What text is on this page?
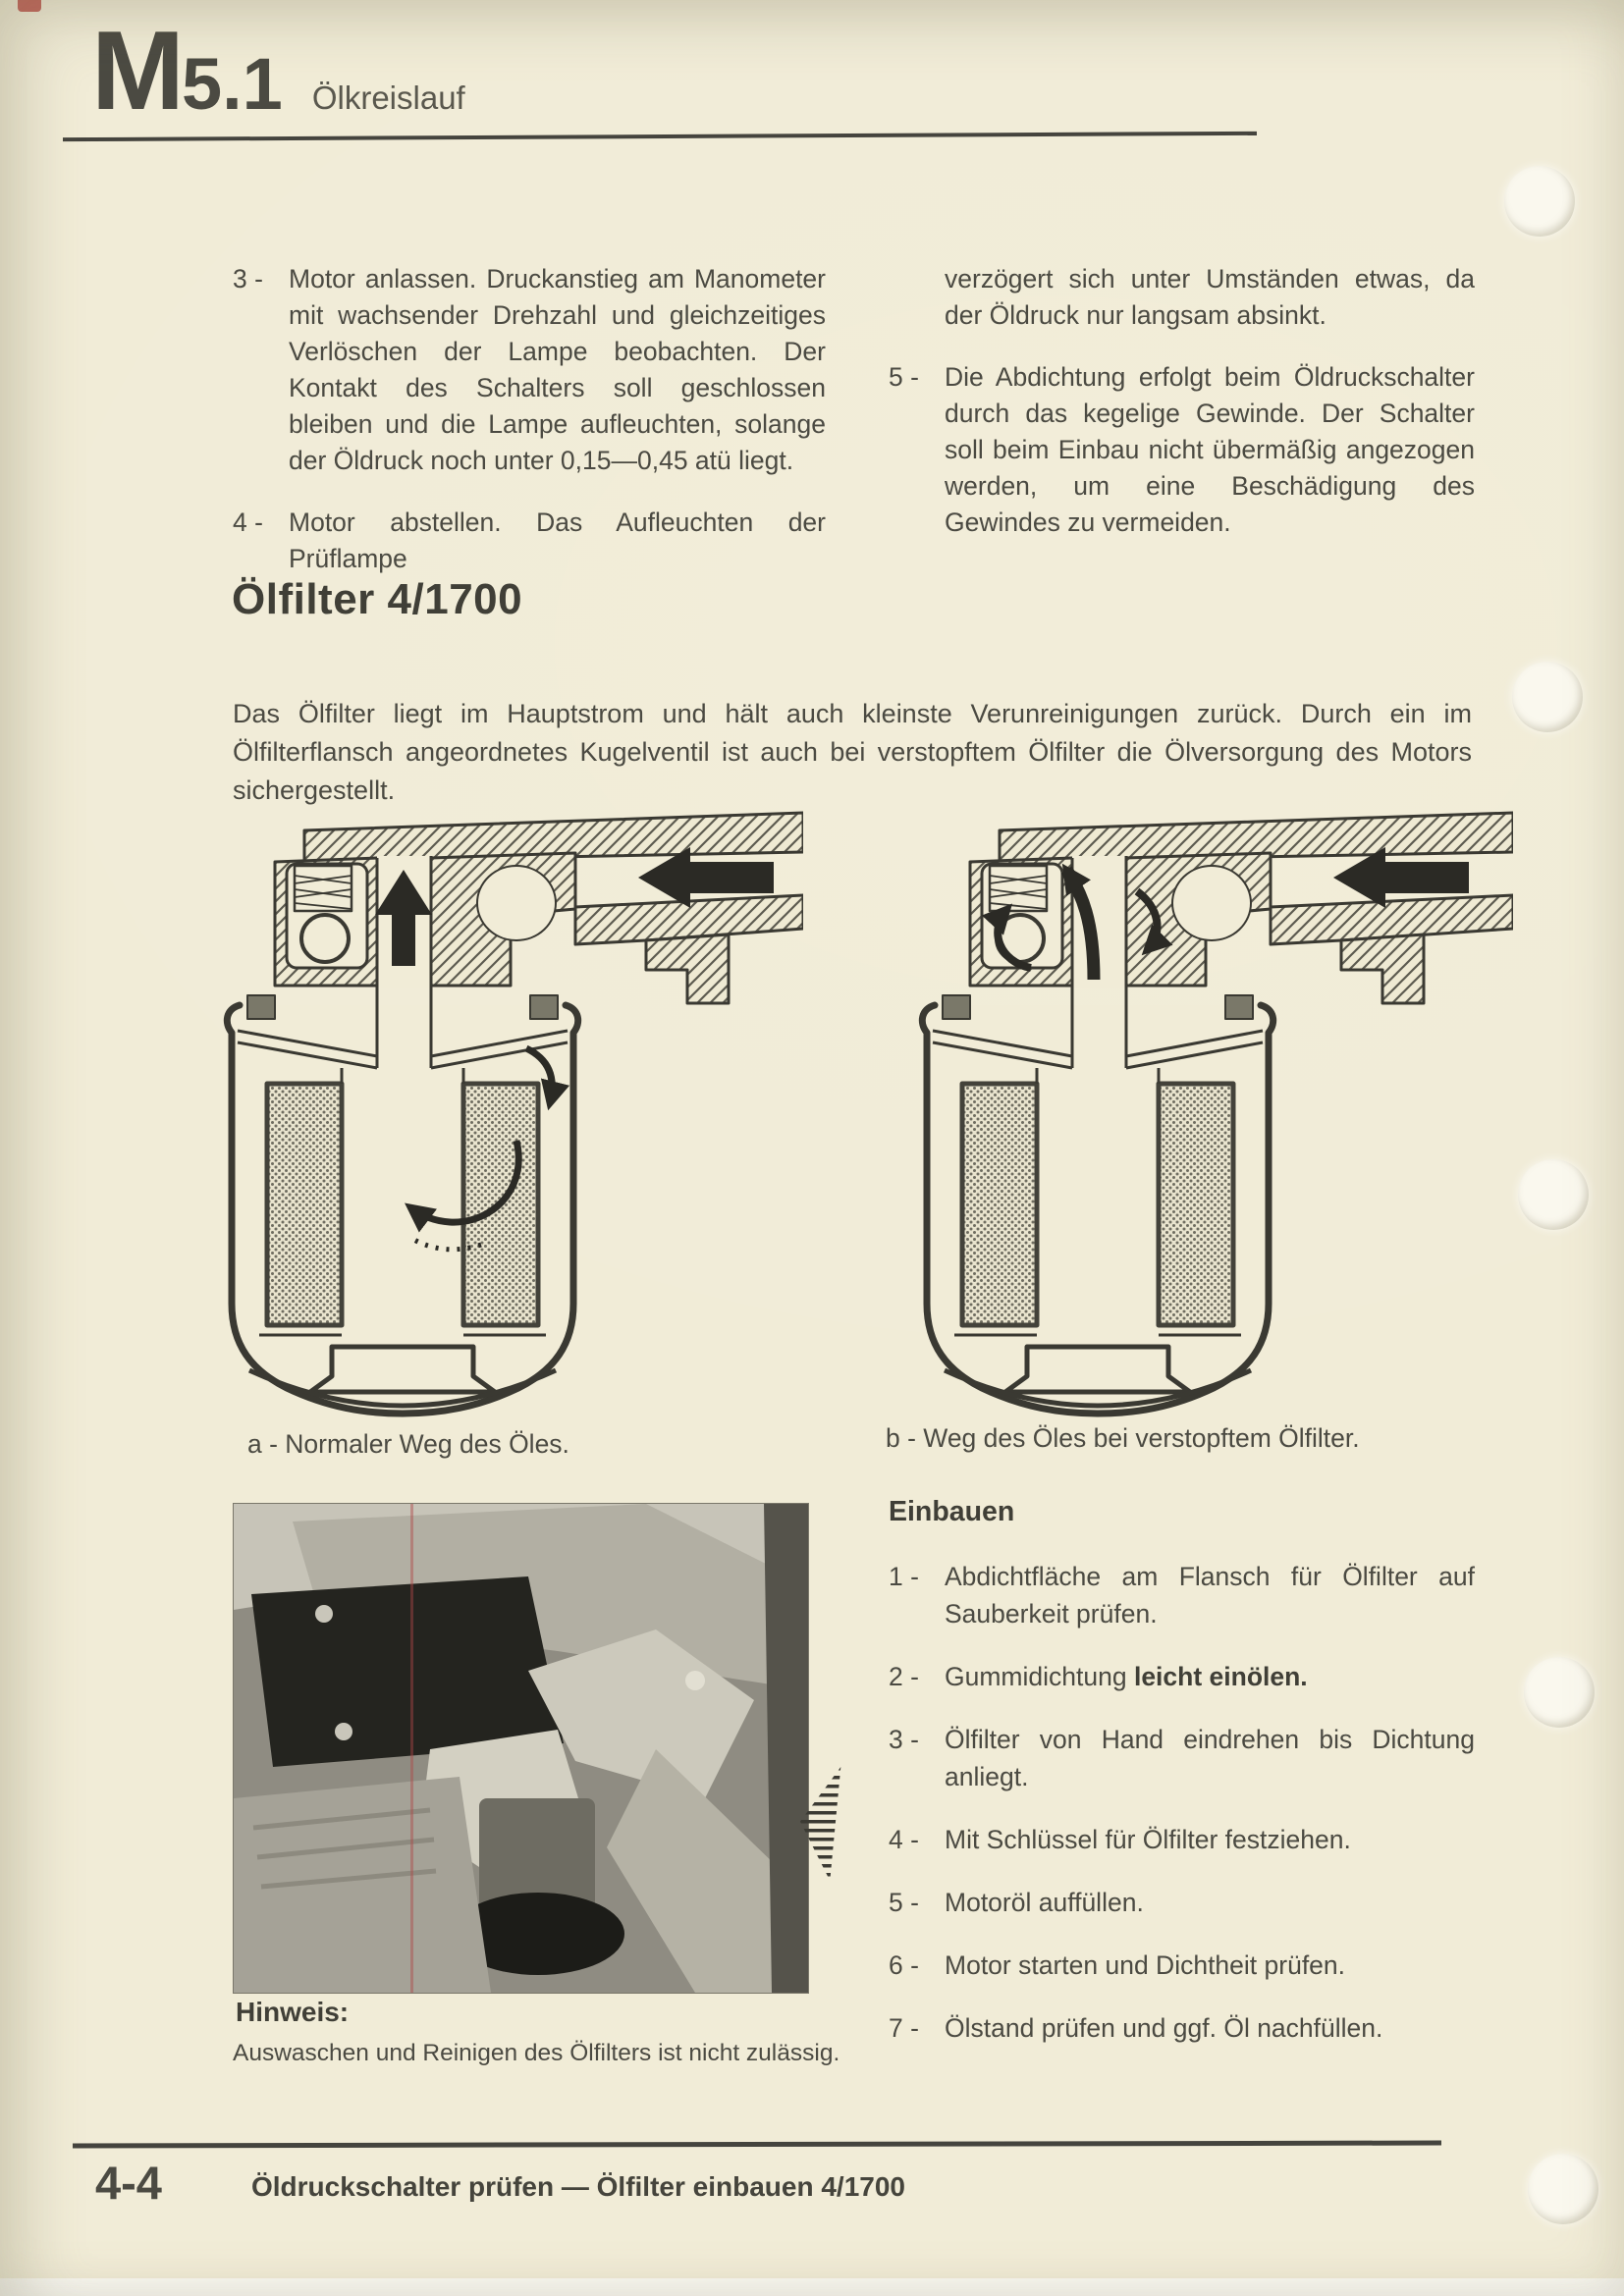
M 5.1 Ölkreislauf
3 - Motor anlassen. Druckanstieg am Manometer mit wachsender Drehzahl und gleichzeitiges Verlöschen der Lampe beobachten. Der Kontakt des Schalters soll geschlossen bleiben und die Lampe aufleuchten, solange der Öldruck noch unter 0,15—0,45 atü liegt.
4 - Motor abstellen. Das Aufleuchten der Prüflampe
verzögert sich unter Umständen etwas, da der Öldruck nur langsam absinkt.
5 - Die Abdichtung erfolgt beim Öldruckschalter durch das kegelige Gewinde. Der Schalter soll beim Einbau nicht übermäßig angezogen werden, um eine Beschädigung des Gewindes zu vermeiden.
Ölfilter 4/1700
Das Ölfilter liegt im Hauptstrom und hält auch kleinste Verunreinigungen zurück. Durch ein im Ölfilterflansch angeordnetes Kugelventil ist auch bei verstopftem Ölfilter die Ölversorgung des Motors sichergestellt.
a - Normaler Weg des Öles.	b - Weg des Öles bei verstopftem Ölfilter.
Hinweis:
Auswaschen und Reinigen des Ölfilters ist nicht zulässig.
Einbauen
1 - Abdichtfläche am Flansch für Ölfilter auf Sauberkeit prüfen.
2 - Gummidichtung leicht einölen.
3 - Ölfilter von Hand eindrehen bis Dichtung anliegt.
4 - Mit Schlüssel für Ölfilter festziehen.
5 - Motoröl auffüllen.
6 - Motor starten und Dichtheit prüfen.
7 - Ölstand prüfen und ggf. Öl nachfüllen.
4-4	Öldruckschalter prüfen — Ölfilter einbauen 4/1700
